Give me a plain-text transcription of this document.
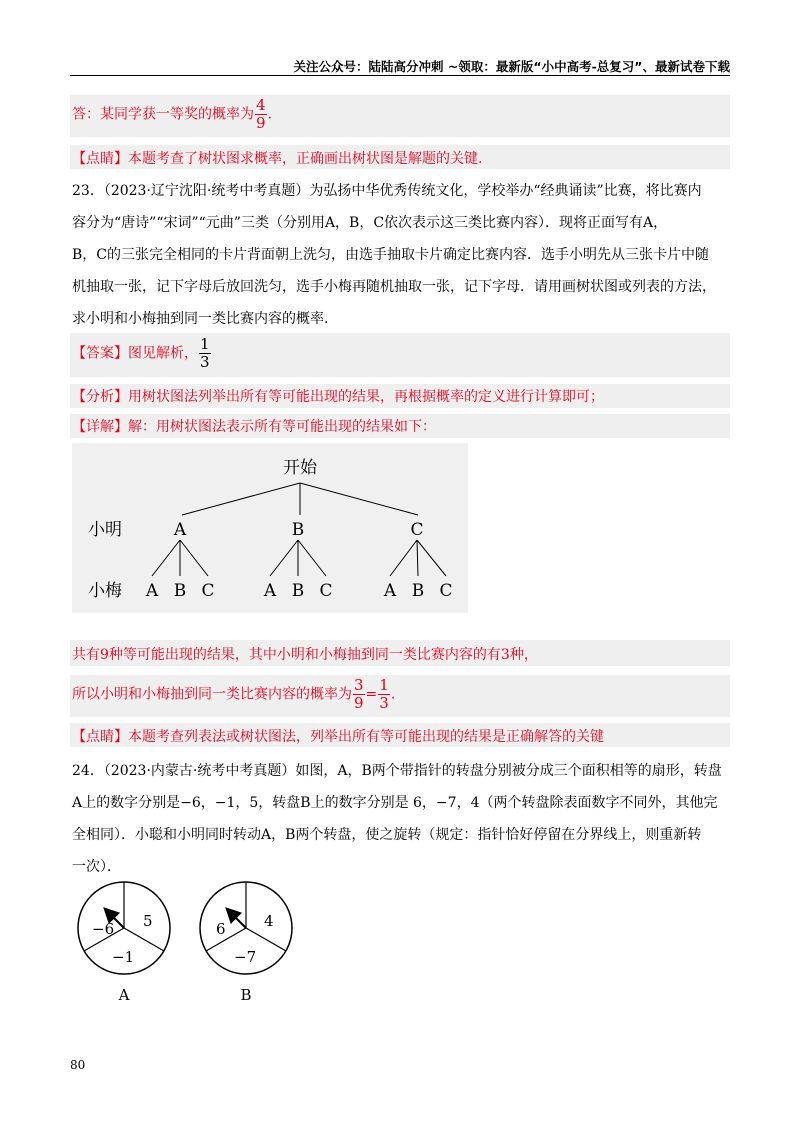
关注公众号：陆陆高分冲刺 ~领取：最新版“小中高考-总复习”、最新试卷下载
答：某同学获一等奖的概率为 $\frac{4}{9}$ .
【点睛】本题考查了树状图求概率，正确画出树状图是解题的关键.
23．（2023·辽宁沈阳·统考中考真题）为弘扬中华优秀传统文化，学校举办“经典诵读”比赛，将比赛内
容分为“唐诗”“宋词”“元曲”三类（分别用A，B，C依次表示这三类比赛内容）．现将正面写有A，
B，C的三张完全相同的卡片背面朝上洗匀，由选手抽取卡片确定比赛内容．选手小明先从三张卡片中随
机抽取一张，记下字母后放回洗匀，选手小梅再随机抽取一张，记下字母．请用画树状图或列表的方法，
求小明和小梅抽到同一类比赛内容的概率．
【答案】图见解析， $\frac{1}{3}$
【分析】用树状图法列举出所有等可能出现的结果，再根据概率的定义进行计算即可；
【详解】解：用树状图法表示所有等可能出现的结果如下：
开始
小明
小梅
A	B	C
A B C	A B C	A B C
共有9种等可能出现的结果，其中小明和小梅抽到同一类比赛内容的有3种，
所以小明和小梅抽到同一类比赛内容的概率为 $\frac{3}{9} = \frac{1}{3}$ .
【点睛】本题考查列表法或树状图法，列举出所有等可能出现的结果是正确解答的关键
24．（2023·内蒙古·统考中考真题）如图，A，B两个带指针的转盘分别被分成三个面积相等的扇形，转盘
A上的数字分别是−6，−1，5，转盘B上的数字分别是 6，−7，4（两个转盘除表面数字不同外，其他完
全相同）．小聪和小明同时转动A，B两个转盘，使之旋转（规定：指针恰好停留在分界线上，则重新转
一次）．
−6 5
−1
A
6	4
−7
B
80
